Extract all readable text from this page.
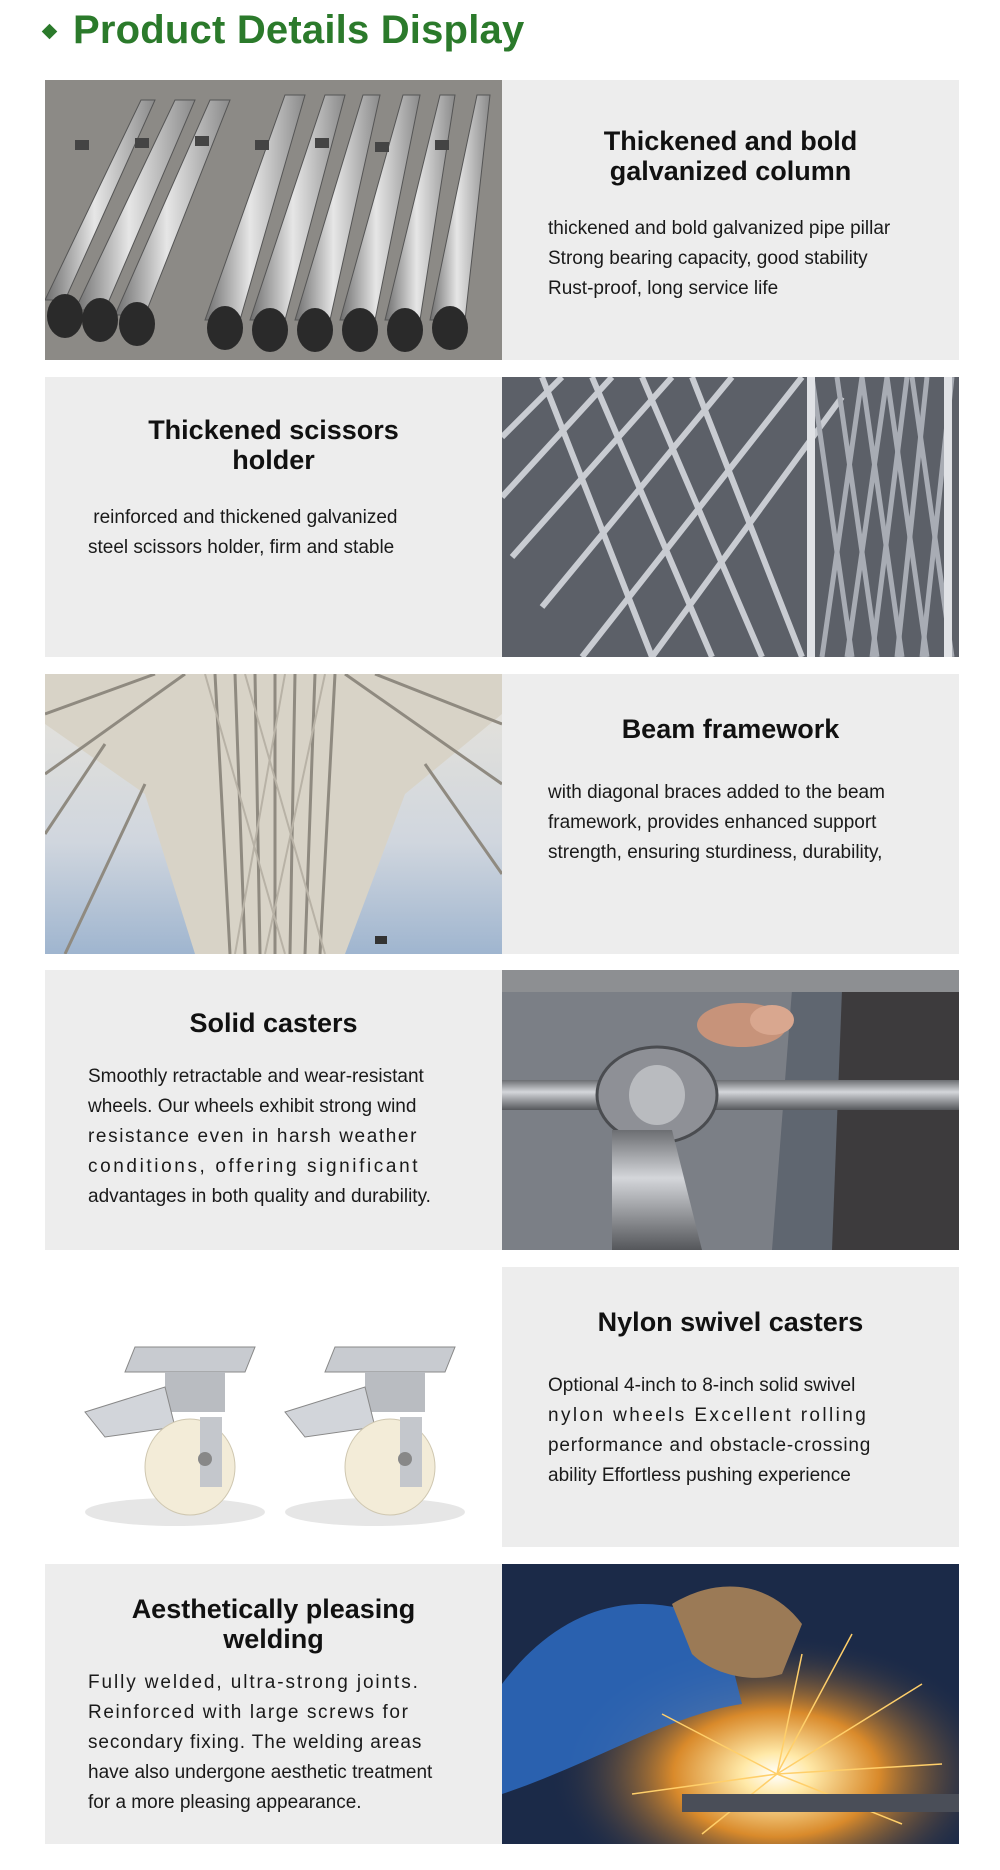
Product Details Display
Thickened and bold galvanized column

thickened and bold galvanized pipe pillar
Strong bearing capacity, good stability
Rust-proof, long service life

Thickened scissors holder

reinforced and thickened galvanized
steel scissors holder, firm and stable

Beam framework

with diagonal braces added to the beam
framework, provides enhanced support
strength, ensuring sturdiness, durability,

Solid casters

Smoothly retractable and wear-resistant
wheels. Our wheels exhibit strong wind
resistance even in harsh weather
conditions, offering significant
advantages in both quality and durability.

Nylon swivel casters

Optional 4-inch to 8-inch solid swivel
nylon wheels Excellent rolling
performance and obstacle-crossing
ability Effortless pushing experience

Aesthetically pleasing welding

Fully welded, ultra-strong joints.
Reinforced with large screws for
secondary fixing. The welding areas
have also undergone aesthetic treatment
for a more pleasing appearance.
